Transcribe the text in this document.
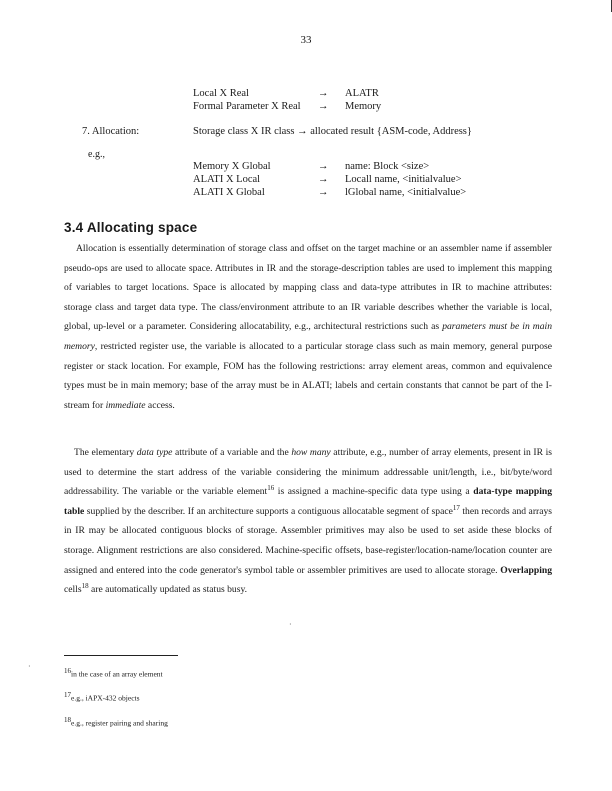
33
Local X Real	→ ALATR
Formal Parameter X Real → Memory
7. Allocation:	Storage class X IR class → allocated result {ASM-code, Address}
e.g.,
Memory X Global	→ name: Block <size>
ALATI X Local	→ Locall name, <initialvalue>
ALATI X Global	→ lGlobal name, <initialvalue>
3.4 Allocating space

Allocation is essentially determination of storage class and offset on the target machine or an assembler name if assembler pseudo-ops are used to allocate space. Attributes in IR and the storage-description tables are used to implement this mapping of variables to target locations. Space is allocated by mapping class and data-type attributes in IR to machine attributes: storage class and target data type. The class/environment attribute to an IR variable describes whether the variable is local, global, up-level or a parameter. Considering allocatability, e.g., architectural restrictions such as parameters must be in main memory, restricted register use, the variable is allocated to a particular storage class such as main memory, general purpose register or stack location. For example, FOM has the following restrictions: array element areas, common and equivalence types must be in main memory; base of the array must be in ALATI; labels and certain constants that cannot be part of the I-stream for immediate access.

The elementary data type attribute of a variable and the how many attribute, e.g., number of array elements, present in IR is used to determine the start address of the variable considering the minimum addressable unit/length, i.e., bit/byte/word addressability. The variable or the variable element$^{16}$ is assigned a machine-specific data type using a data-type mapping table supplied by the describer. If an architecture supports a contiguous allocatable segment of space$^{17}$ then records and arrays in IR may be allocated contiguous blocks of storage. Assembler primitives may also be used to set aside these blocks of storage. Alignment restrictions are also considered. Machine-specific offsets, base-register/location-name/location counter are assigned and entered into the code generator's symbol table or assembler primitives are used to allocate storage. Overlapping cells$^{18}$ are automatically updated as status busy.

·
·	$^{16}$in the case of an array element
$^{17}$e.g., iAPX-432 objects
$^{18}$e.g., register pairing and sharing
